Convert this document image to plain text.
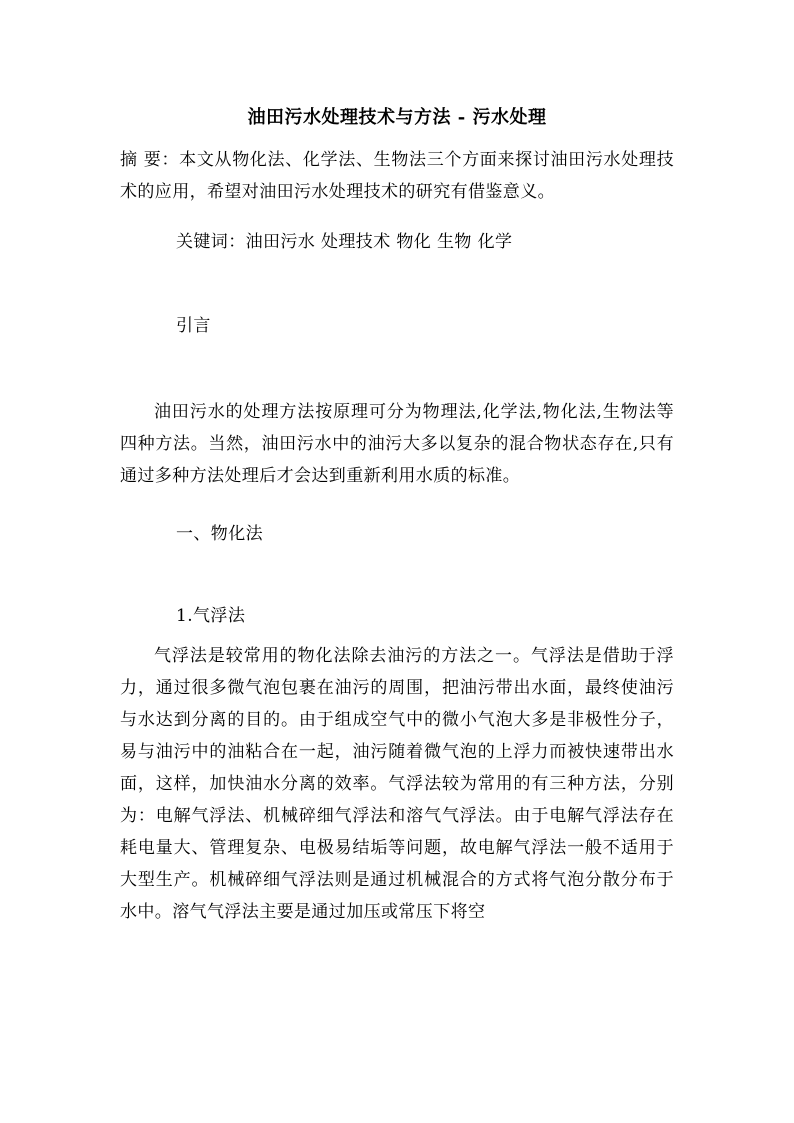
油田污水处理技术与方法 - 污水处理

摘 要：本文从物化法、化学法、生物法三个方面来探讨油田污水处理技术的应用，希望对油田污水处理技术的研究有借鉴意义。

关键词：油田污水 处理技术 物化 生物 化学
引言

油田污水的处理方法按原理可分为物理法,化学法,物化法,生物法等四种方法。当然，油田污水中的油污大多以复杂的混合物状态存在,只有通过多种方法处理后才会达到重新利用水质的标准。

一、物化法
1.气浮法

气浮法是较常用的物化法除去油污的方法之一。气浮法是借助于浮力，通过很多微气泡包裹在油污的周围，把油污带出水面，最终使油污与水达到分离的目的。由于组成空气中的微小气泡大多是非极性分子，易与油污中的油粘合在一起，油污随着微气泡的上浮力而被快速带出水面，这样，加快油水分离的效率。气浮法较为常用的有三种方法，分别为：电解气浮法、机械碎细气浮法和溶气气浮法。由于电解气浮法存在耗电量大、管理复杂、电极易结垢等问题，故电解气浮法一般不适用于大型生产。机械碎细气浮法则是通过机械混合的方式将气泡分散分布于水中。溶气气浮法主要是通过加压或常压下将空
